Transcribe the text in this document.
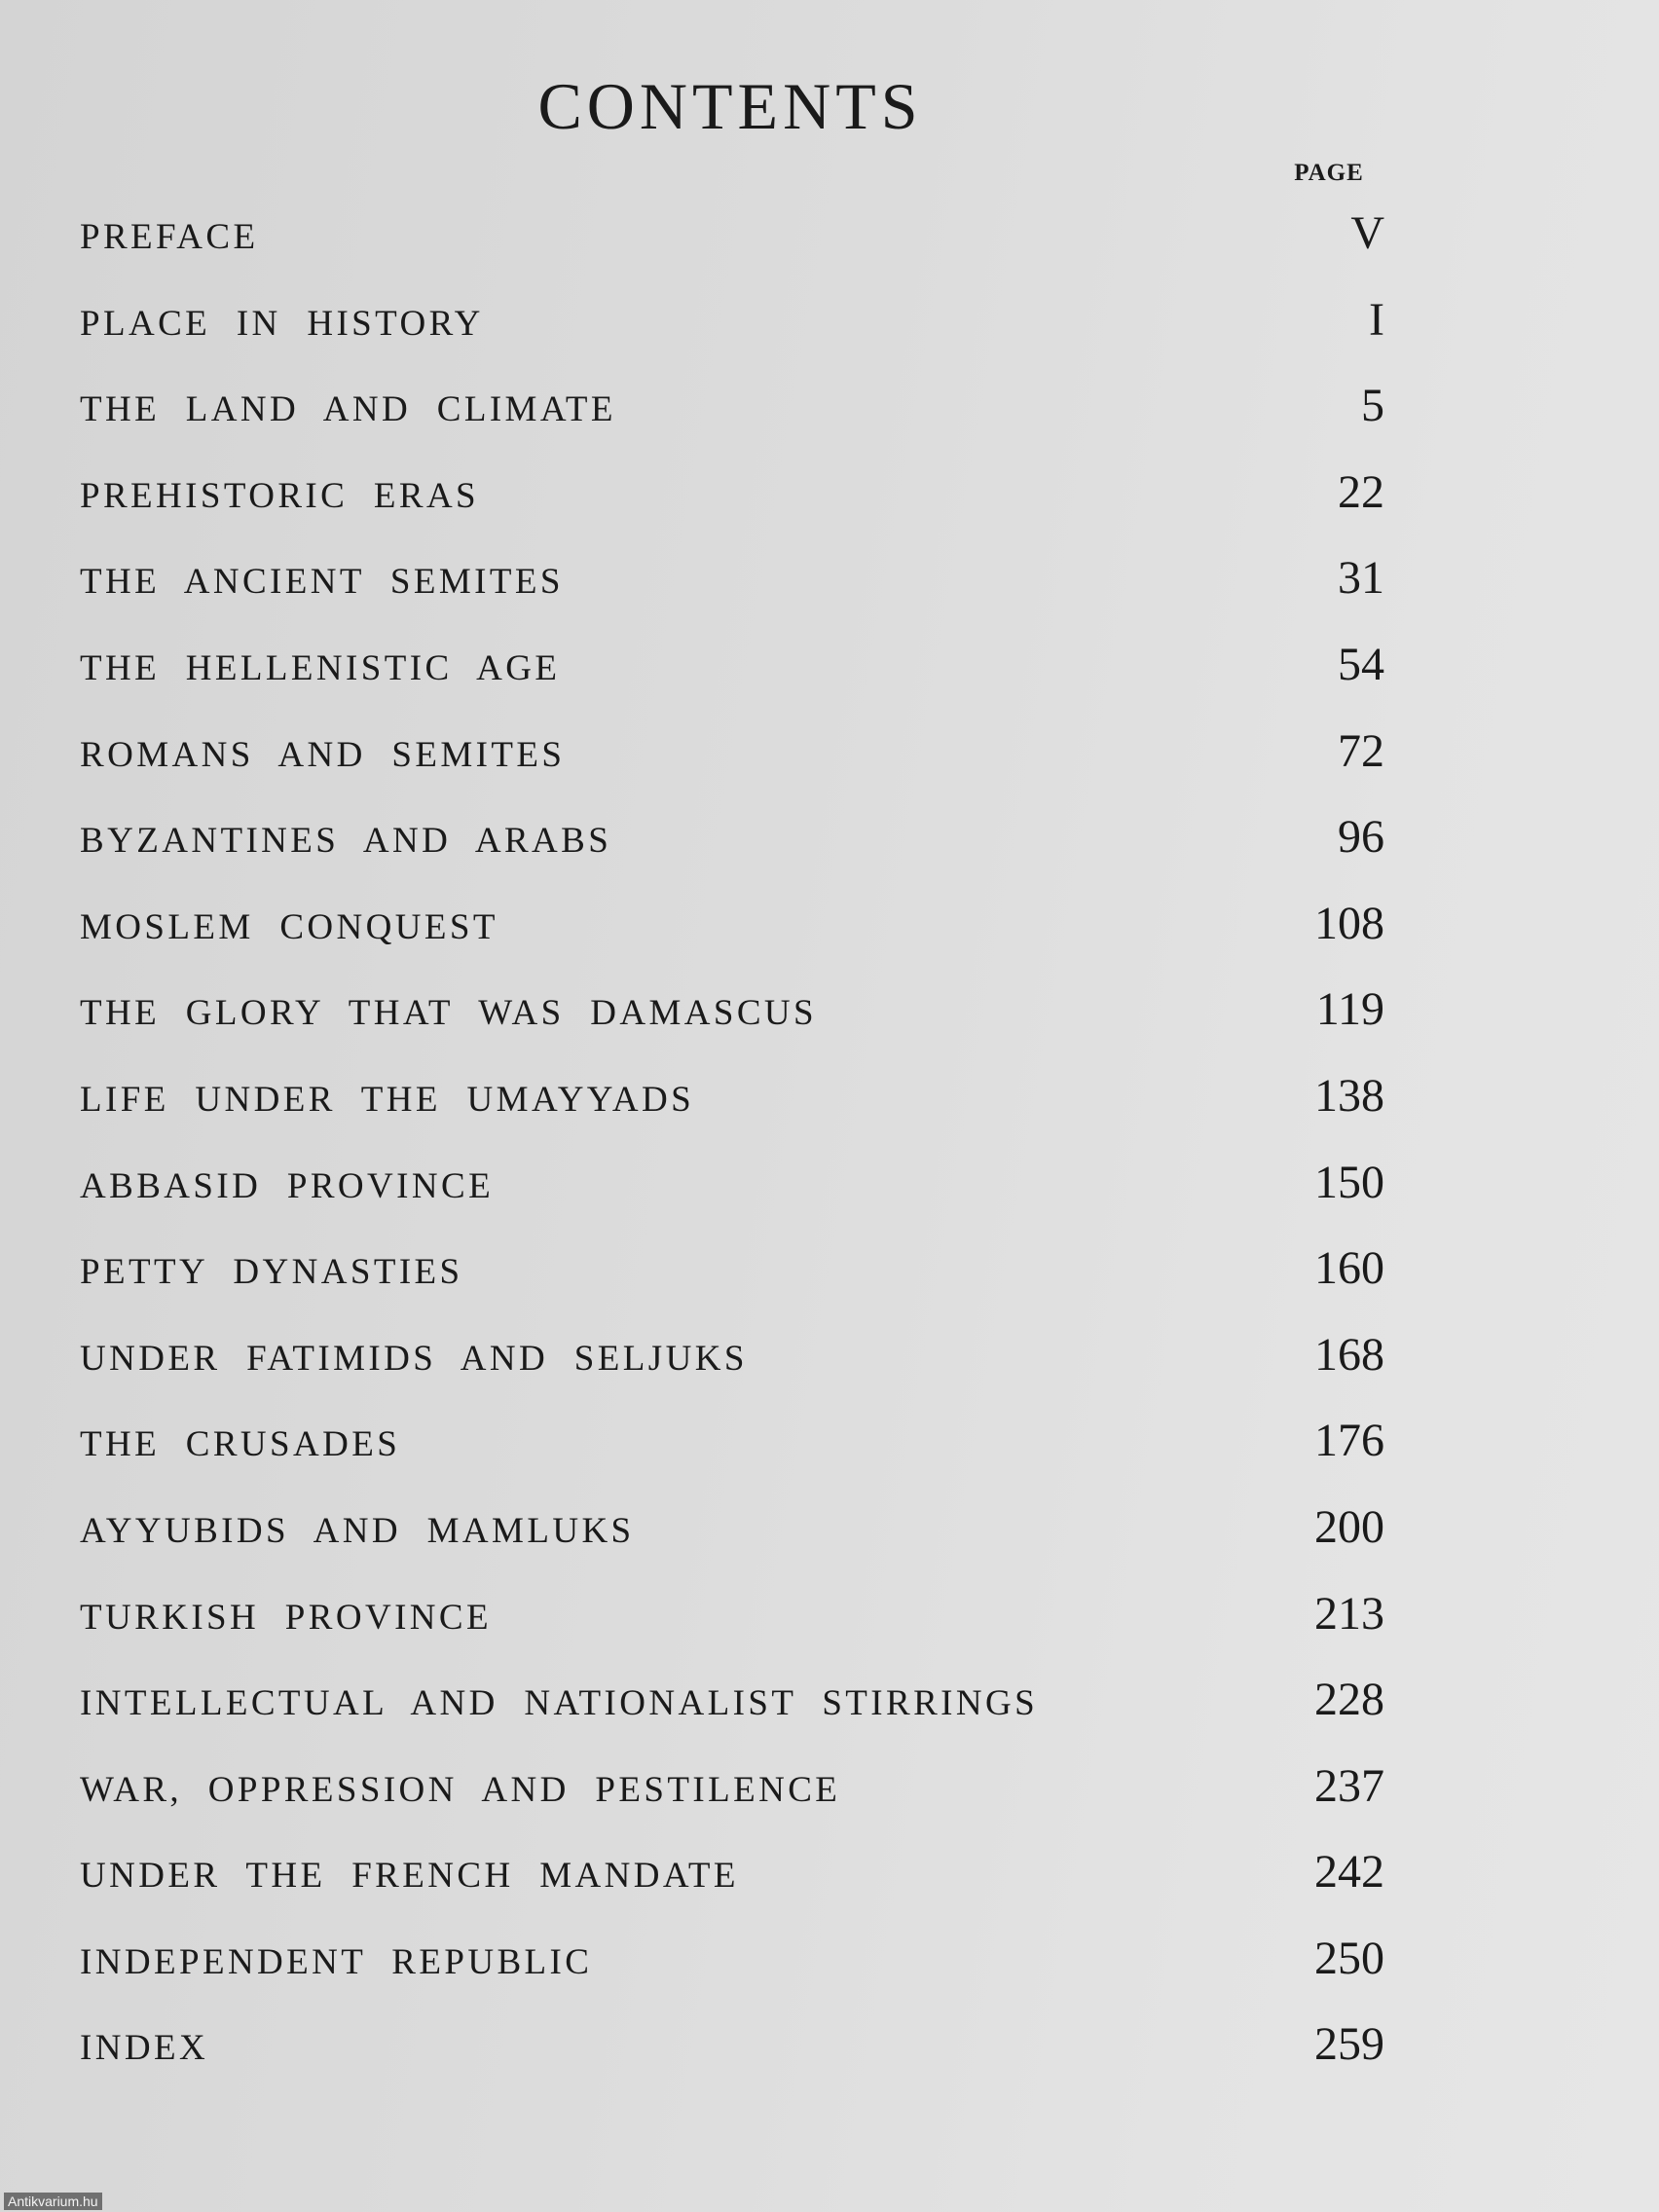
CONTENTS
PAGE
PREFACE	V
PLACE IN HISTORY	I
THE LAND AND CLIMATE	5
PREHISTORIC ERAS	22
THE ANCIENT SEMITES	31
THE HELLENISTIC AGE	54
ROMANS AND SEMITES	72
BYZANTINES AND ARABS	96
MOSLEM CONQUEST	108
THE GLORY THAT WAS DAMASCUS	119
LIFE UNDER THE UMAYYADS	138
ABBASID PROVINCE	150
PETTY DYNASTIES	160
UNDER FATIMIDS AND SELJUKS	168
THE CRUSADES	176
AYYUBIDS AND MAMLUKS	200
TURKISH PROVINCE	213
INTELLECTUAL AND NATIONALIST STIRRINGS	228
WAR, OPPRESSION AND PESTILENCE	237
UNDER THE FRENCH MANDATE	242
INDEPENDENT REPUBLIC	250
INDEX	259
Antikvarium.hu
